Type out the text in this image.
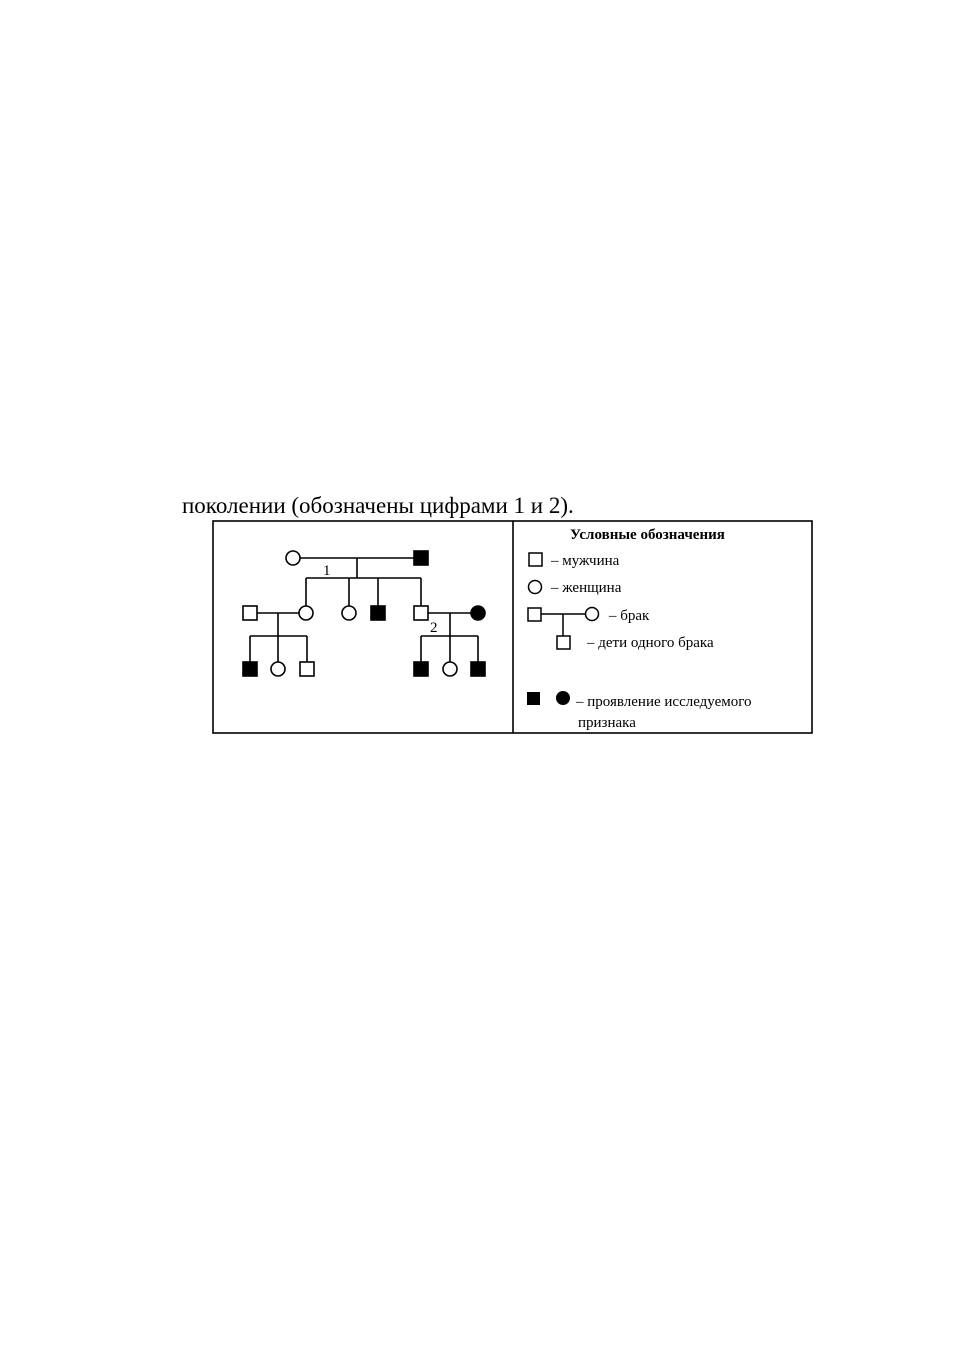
поколении (обозначены цифрами 1 и 2).
1
2
Условные обозначения
– мужчина
– женщина
– брак
– дети одного брака
– проявление исследуемого
признака
